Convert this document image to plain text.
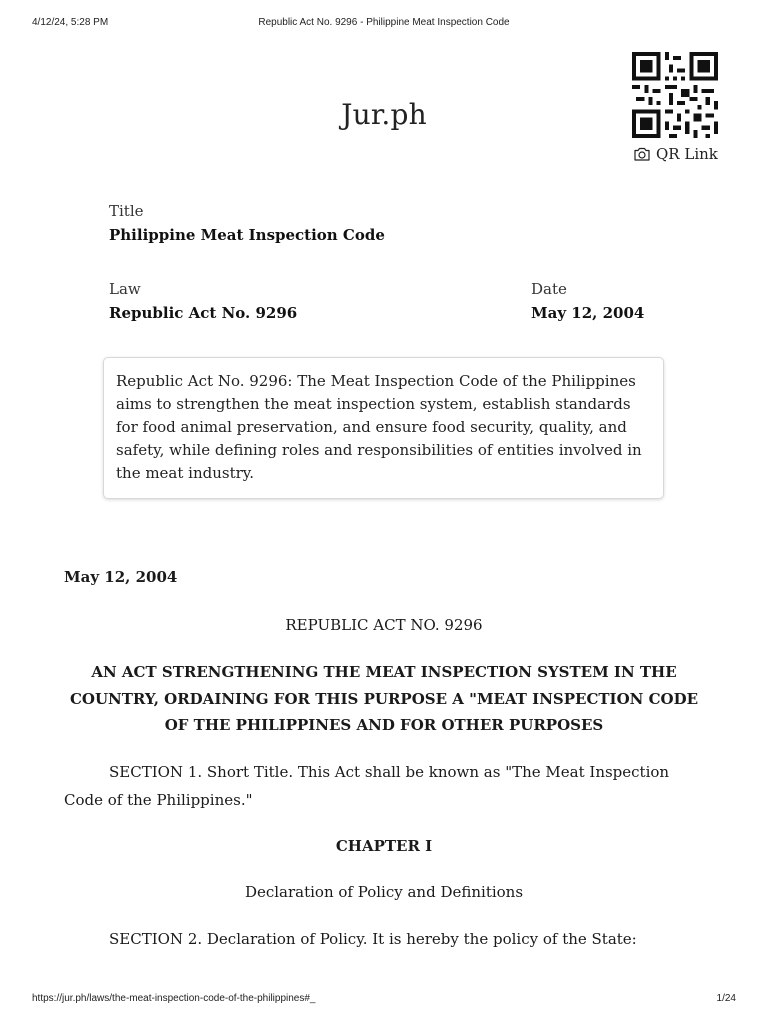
4/12/24, 5:28 PM	Republic Act No. 9296 - Philippine Meat Inspection Code
Jur.ph
QR Link
Title
Philippine Meat Inspection Code
Law
Republic Act No. 9296
Date
May 12, 2004
Republic Act No. 9296: The Meat Inspection Code of the Philippines aims to strengthen the meat inspection system, establish standards for food animal preservation, and ensure food security, quality, and safety, while defining roles and responsibilities of entities involved in the meat industry.
May 12, 2004
REPUBLIC ACT NO. 9296
AN ACT STRENGTHENING THE MEAT INSPECTION SYSTEM IN THE COUNTRY, ORDAINING FOR THIS PURPOSE A "MEAT INSPECTION CODE OF THE PHILIPPINES AND FOR OTHER PURPOSES
SECTION 1. Short Title. This Act shall be known as "The Meat Inspection Code of the Philippines."
CHAPTER I
Declaration of Policy and Definitions
SECTION 2. Declaration of Policy. It is hereby the policy of the State:
https://jur.ph/laws/the-meat-inspection-code-of-the-philippines#_	1/24
